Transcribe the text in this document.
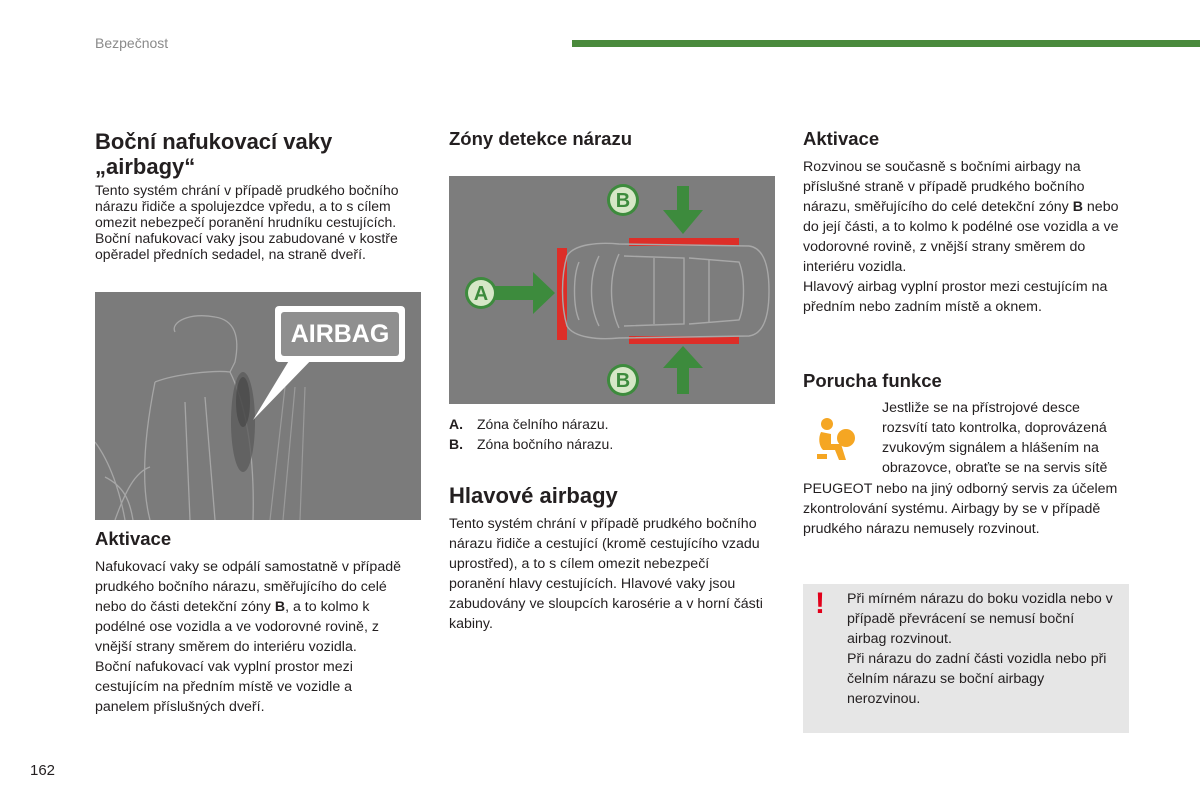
Bezpečnost
162
Boční nafukovací vaky „airbagy“

Tento systém chrání v případě prudkého bočního nárazu řidiče a spolujezdce vpředu, a to s cílem omezit nebezpečí poranění hrudníku cestujících. Boční nafukovací vaky jsou zabudované v kostře opěradel předních sedadel, na straně dveří.

AIRBAG
Aktivace
Nafukovací vaky se odpálí samostatně v případě prudkého bočního nárazu, směřujícího do celé nebo do části detekční zóny B, a to kolmo k podélné ose vozidla a ve vodorovné rovině, z vnější strany směrem do interiéru vozidla.
Boční nafukovací vak vyplní prostor mezi cestujícím na předním místě ve vozidle a panelem příslušných dveří.
Zóny detekce nárazu
A
B
B
A. Zóna čelního nárazu.
B. Zóna bočního nárazu.
Hlavové airbagy

Tento systém chrání v případě prudkého bočního nárazu řidiče a cestující (kromě cestujícího vzadu uprostřed), a to s cílem omezit nebezpečí poranění hlavy cestujících. Hlavové vaky jsou zabudovány ve sloupcích karosérie a v horní části kabiny.

Aktivace
Rozvinou se současně s bočními airbagy na příslušné straně v případě prudkého bočního nárazu, směřujícího do celé detekční zóny B nebo do její části, a to kolmo k podélné ose vozidla a ve vodorovné rovině, z vnější strany směrem do interiéru vozidla.
Hlavový airbag vyplní prostor mezi cestujícím na předním nebo zadním místě a oknem.
Porucha funkce
Jestliže se na přístrojové desce
rozsvítí tato kontrolka, doprovázená
zvukovým signálem a hlášením na
obrazovce, obraťte se na servis sítě

PEUGEOT nebo na jiný odborný servis za účelem zkontrolování systému. Airbagy by se v případě prudkého nárazu nemusely rozvinout.

! Při mírném nárazu do boku vozidla nebo v případě převrácení se nemusí boční airbag rozvinout.
Při nárazu do zadní části vozidla nebo při čelním nárazu se boční airbagy nerozvinou.
